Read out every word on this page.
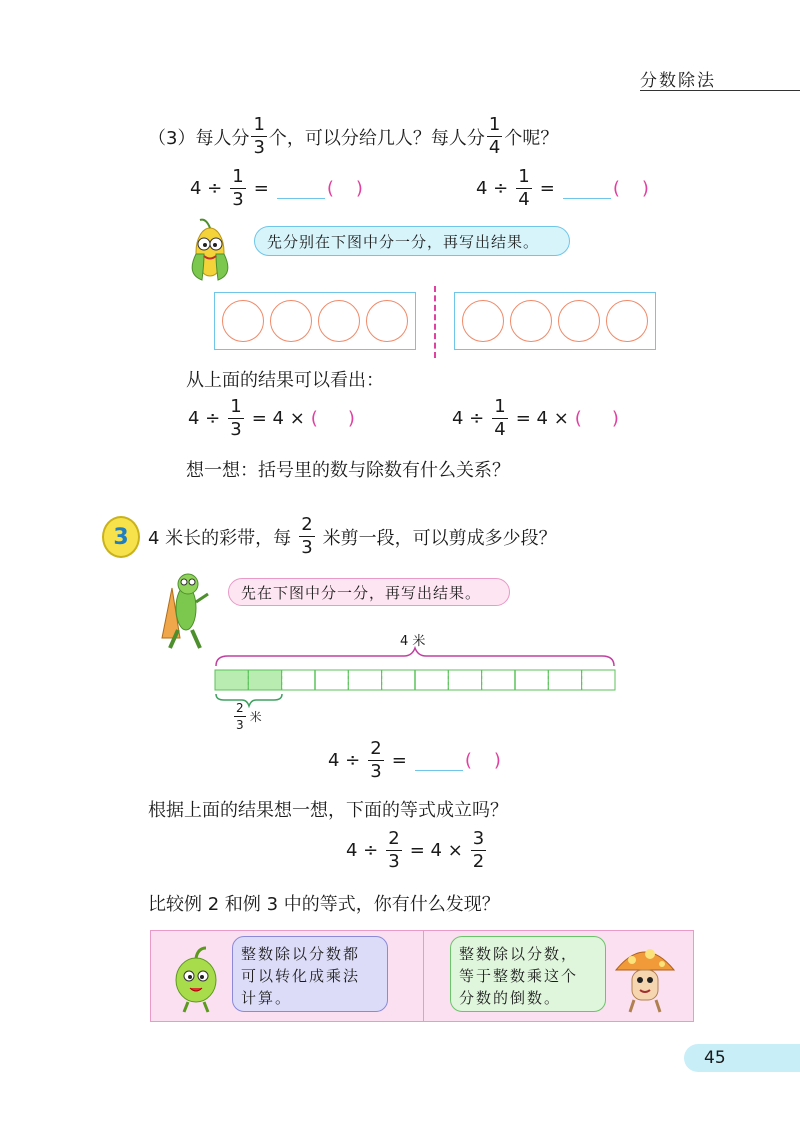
分数除法
（3） 每人分 $\frac{1}{3}$ 个，可以分给几人？每人分 $\frac{1}{4}$ 个呢？
$4 \div \frac{1}{3}$ =	( )	$4 \div \frac{1}{4}$ =	( )
先分别在下图中分一分，再写出结果。
从上面的结果可以看出：
$4 \div \frac{1}{3} = 4$ × ( )	$4 \div \frac{1}{4} = 4$ × ( )
想一想：括号里的数与除数有什么关系？
3 4 米长的彩带，每 $\frac{2}{3}$ 米剪一段，可以剪成多少段？
先在下图中分一分，再写出结果。
4 米
$\frac{2}{3}$ 米
$4 \div \frac{2}{3}$ =	( )
根据上面的结果想一想，下面的等式成立吗？
$4 \div \frac{2}{3} = 4 \times \frac{3}{2}$
比较例 2 和例 3 中的等式，你有什么发现？
整数除以分数都
可以转化成乘法
计算。
整数除以分数，
等于整数乘这个
分数的倒数。
45
